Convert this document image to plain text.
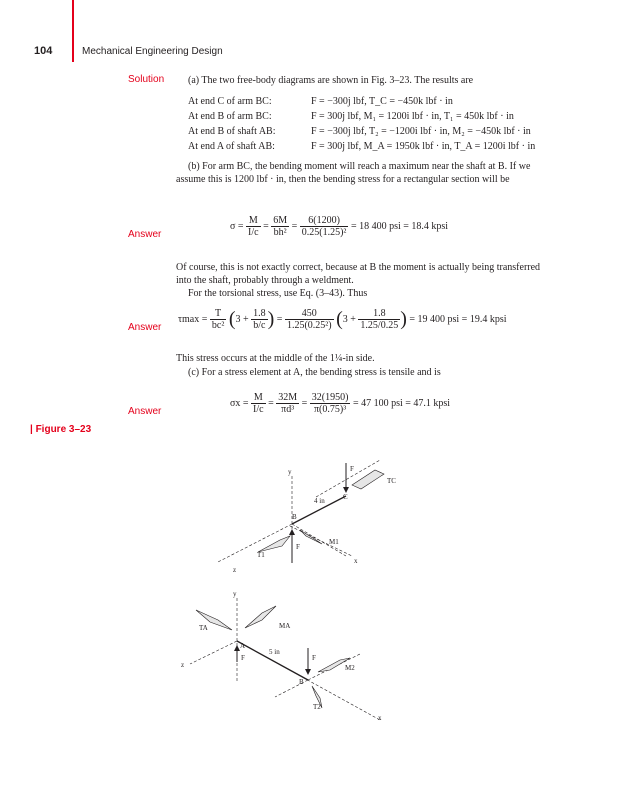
104	Mechanical Engineering Design
Solution (a) The two free-body diagrams are shown in Fig. 3–23. The results are
At end C of arm BC:	F = −300j lbf, T_C = −450k lbf · in
At end B of arm BC:	F = 300j lbf, M₁ = 1200i lbf · in, T₁ = 450k lbf · in
At end B of shaft AB:	F = −300j lbf, T₂ = −1200i lbf · in, M₂ = −450k lbf · in
At end A of shaft AB:	F = 300j lbf, M_A = 1950k lbf · in, T_A = 1200i lbf · in
(b) For arm BC, the bending moment will reach a maximum near the shaft at B. If we assume this is 1200 lbf · in, then the bending stress for a rectangular section will be
Answer
$\sigma = \frac{M}{I/c} = \frac{6M}{\text{bh²}} = \frac{6(1200)}{\text{0.25(1.25)²}} = 18$ 400 psi = 18.4 kpsi
Of course, this is not exactly correct, because at B the moment is actually being transferred into the shaft, probably through a weldment.
For the torsional stress, use Eq. (3–43). Thus
Answer
$\tau\max = \frac{T}{\text{bc²}} (3 + \frac{1.8}{b/c}$ ) = $\frac{450}{\text{1.25(0.25²)}} (3 + \frac{1.8}{1.25/0.25}$ ) = 19 400 psi = 19.4 kpsi
This stress occurs at the middle of the 1¼-in side.
(c) For a stress element at A, the bending stress is tensile and is
Answer
$\sigma x = \frac{M}{I/c} = \frac{32M}{\text{πd³}} = \frac{32(1950)}{\text{π(0.75)³}} = 47$ 100 psi = 47.1 kpsi
| Figure 3–23
y	F
TC
C
4 in
B
M1
T1
F
x
z
y
TA	MA
A
5 in
F	F
B
M2
T2
x
z
